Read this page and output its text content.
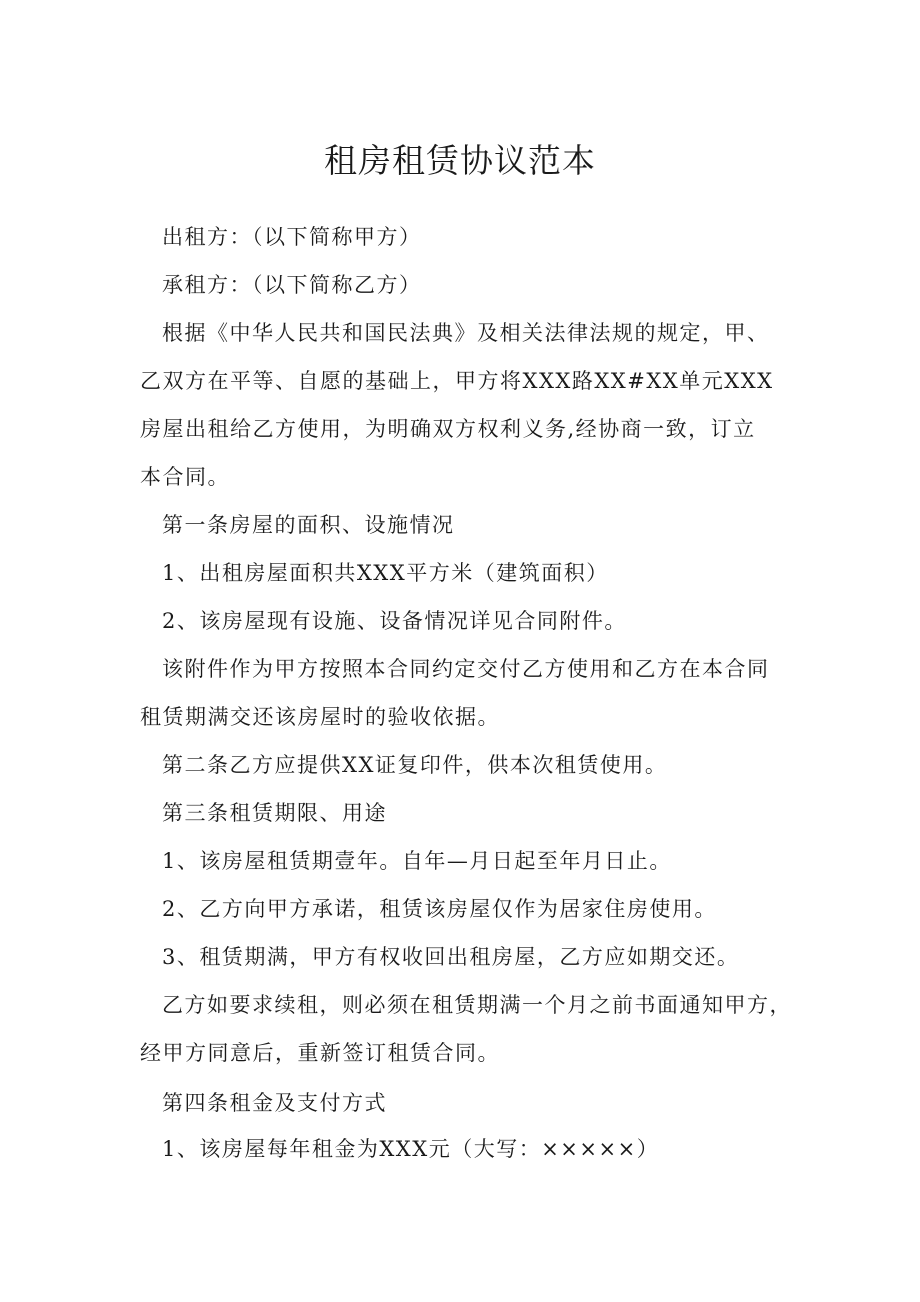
租房租赁协议范本
出租方：（以下简称甲方）
承租方：（以下简称乙方）
根据《中华人民共和国民法典》及相关法律法规的规定，甲、
乙双方在平等、自愿的基础上，甲方将XXX路XX#XX单元XXX
房屋出租给乙方使用，为明确双方权利义务,经协商一致，订立
本合同。
第一条房屋的面积、设施情况
1、出租房屋面积共XXX平方米（建筑面积）
2、该房屋现有设施、设备情况详见合同附件。
该附件作为甲方按照本合同约定交付乙方使用和乙方在本合同
租赁期满交还该房屋时的验收依据。
第二条乙方应提供XX证复印件，供本次租赁使用。
第三条租赁期限、用途
1、该房屋租赁期壹年。自年—月日起至年月日止。
2、乙方向甲方承诺，租赁该房屋仅作为居家住房使用。
3、租赁期满，甲方有权收回出租房屋，乙方应如期交还。
乙方如要求续租，则必须在租赁期满一个月之前书面通知甲方，
经甲方同意后，重新签订租赁合同。
第四条租金及支付方式
1、该房屋每年租金为XXX元（大写：×××××）
